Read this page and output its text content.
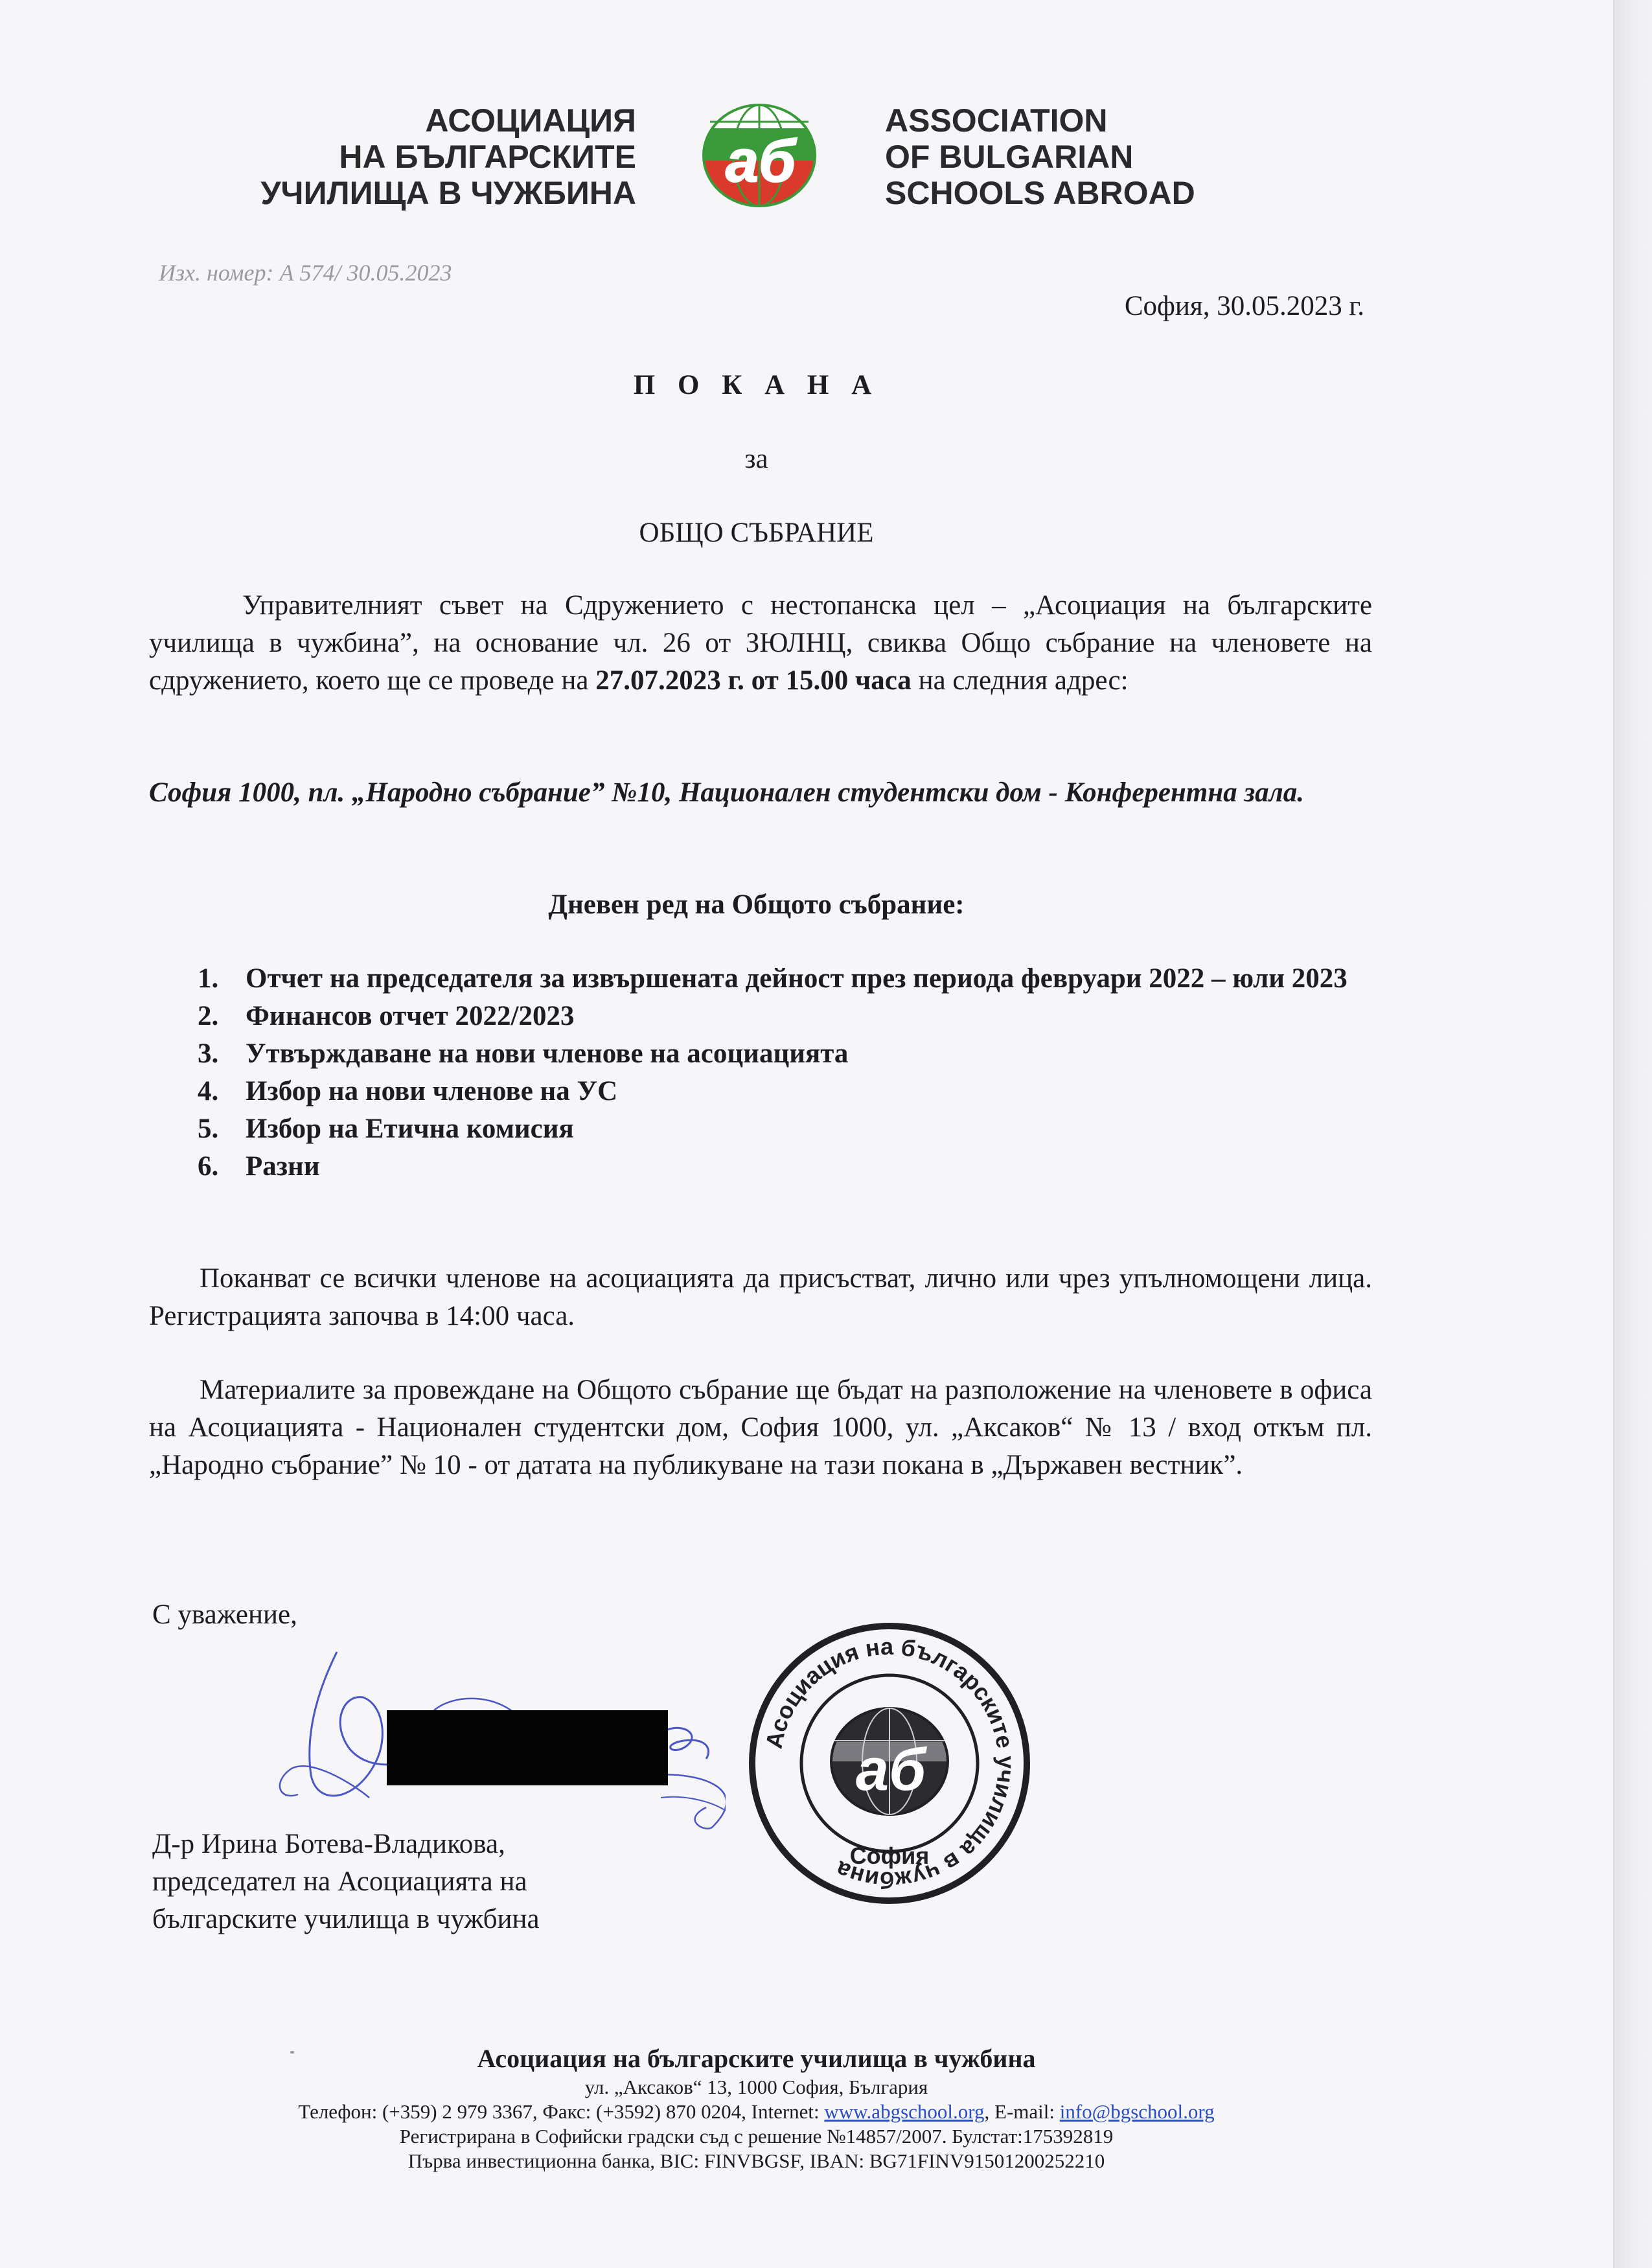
АСОЦИАЦИЯ
НА БЪЛГАРСКИТЕ
УЧИЛИЩА В ЧУЖБИНА аб
ASSOCIATION
OF BULGARIAN
SCHOOLS ABROAD
Изх. номер: А 574/ 30.05.2023
София, 30.05.2023 г.
П О К А Н А
за
ОБЩО СЪБРАНИЕ
Управителният съвет на Сдружението с нестопанска цел – „Асоциация на българските училища в чужбина”, на основание чл. 26 от ЗЮЛНЦ, свиква Общо събрание на членовете на сдружението, което ще се проведе на 27.07.2023 г. от 15.00 часа на следния адрес:
София 1000, пл. „Народно събрание” №10, Национален студентски дом - Конферентна зала.
Дневен ред на Общото събрание:
1. Отчет на председателя за извършената дейност през периода февруари 2022 – юли 2023
2. Финансов отчет 2022/2023
3. Утвърждаване на нови членове на асоциацията
4. Избор на нови членове на УС
5. Избор на Етична комисия
6. Разни
Поканват се всички членове на асоциацията да присъстват, лично или чрез упълномощени лица. Регистрацията започва в 14:00 часа.
Материалите за провеждане на Общото събрание ще бъдат на разположение на членовете в офиса на Асоциацията - Национален студентски дом, София 1000, ул. „Аксаков“ № 13 / вход откъм пл. „Народно събрание” № 10 - от датата на публикуване на тази покана в „Държавен вестник”.
С уважение,
Асоциация на българските училища в чужбина
аб
София
Д-р Ирина Ботева-Владикова,
председател на Асоциацията на
българските училища в чужбина
Асоциация на българските училища в чужбина
ул. „Аксаков“ 13, 1000 София, България
Телефон: (+359) 2 979 3367, Факс: (+3592) 870 0204, Internet: www.abgschool.org, E-mail: info@bgschool.org
Регистрирана в Софийски градски съд с решение №14857/2007. Булстат:175392819
Първа инвестиционна банка, BIC: FINVBGSF, IBAN: BG71FINV91501200252210
